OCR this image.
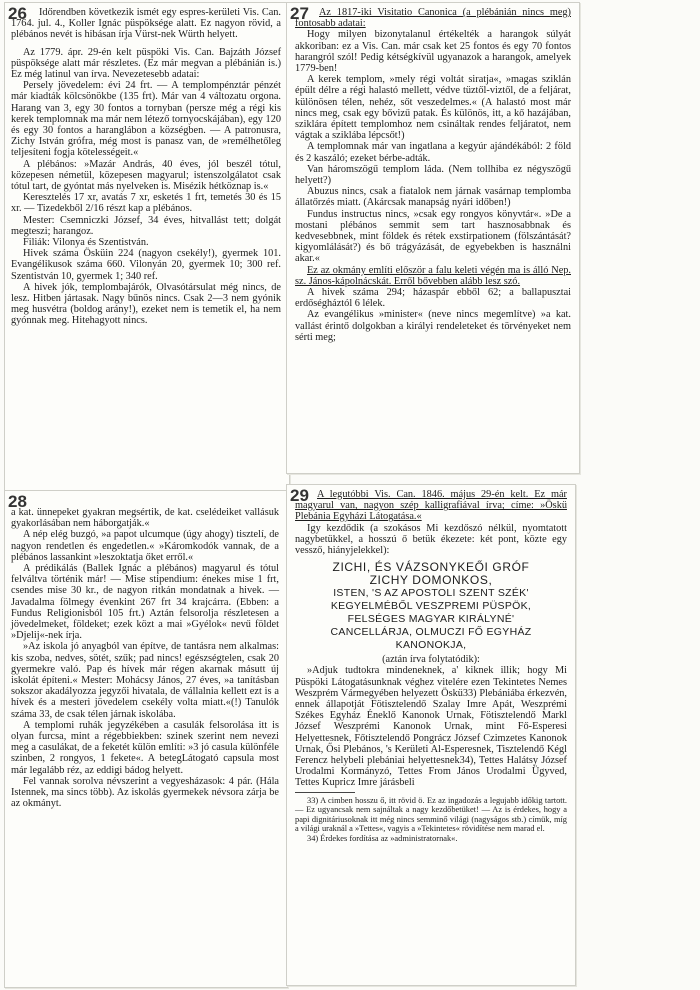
26	Időrendben következik ismét egy espres-kerületi Vis. Can. 1764. jul. 4., Koller Ignác püspöksége alatt. Ez nagyon rövid, a plébános nevét is hibásan írja Vürst-nek Würth helyett.

Az 1779. ápr. 29-én kelt püspöki Vis. Can. Bajzáth József püspöksége alatt már részletes. (Ez már megvan a plébánián is.) Ez még latinul van írva. Nevezetesebb adatai:

Persely jövedelem: évi 24 frt. — A templompénztár pénzét már kiadták kölcsönökbe (135 frt). Már van 4 változatu orgona. Harang van 3, egy 30 fontos a tornyban (persze még a régi kis kerek templomnak ma már nem létező tornyocskájában), egy 120 és egy 30 fontos a haranglábon a községben. — A patronusra, Zichy István grófra, még most is panasz van, de »remélhetőleg teljesíteni fogja kötelességeit.«

A plébános: »Mazár András, 40 éves, jól beszél tótul, közepesen németül, közepesen magyarul; istenszolgálatot csak tótul tart, de gyóntat más nyelveken is. Misézik hétköznap is.«

Keresztelés 17 xr, avatás 7 xr, esketés 1 frt, temetés 30 és 15 xr. — Tizedekből 2/16 részt kap a plébános.

Mester: Csemniczki József, 34 éves, hitvallást tett; dolgát megteszi; harangoz.

Filiák: Vilonya és Szentistván.

Hivek száma Ösküin 224 (nagyon csekély!), gyermek 101. Evangélikusok száma 660. Vilonyán 20, gyermek 10; 300 ref. Szentistván 10, gyermek 1; 340 ref.

A hivek jók, templombajárók, Olvasótársulat még nincs, de lesz. Hitben jártasak. Nagy bűnös nincs. Csak 2—3 nem gyónik meg husvétra (boldog arány!), ezeket nem is temetik el, ha nem gyónnak meg. Hitehagyott nincs.

27 Az 1817-iki Visitatio Canonica (a plébánián nincs meg) fontosabb adatai:

Hogy milyen bizonytalanul értékelték a harangok súlyát akkoriban: ez a Vis. Can. már csak ket 25 fontos és egy 70 fontos harangról szól! Pedig kétségkívül ugyanazok a harangok, amelyek 1779-ben!

A kerek templom, »mely régi voltát siratja«, »magas sziklán épült délre a régi halastó mellett, védve tüztől-viztől, de a feljárat, különösen télen, nehéz, sőt veszedelmes.« (A halastó most már nincs meg, csak egy bővizű patak. És különös, itt, a kő hazájában, sziklára épített templomhoz nem csináltak rendes feljáratot, nem vágtak a sziklába lépcsőt!)

A templomnak már van ingatlana a kegyúr ajándékából: 2 föld és 2 kaszáló; ezeket bérbe-adták.

Van háromszögű templom láda. (Nem tollhiba ez négyszögű helyett?)

Abuzus nincs, csak a fiatalok nem járnak vasárnap templomba állatőrzés miatt. (Akárcsak manapság nyári időben!)

Fundus instructus nincs, »csak egy rongyos könyvtár«. »De a mostani plébános semmit sem tart hasznosabbnak és kedvesebbnek, mint földek és rétek exstirpationem (fölszántását? kigyomlálását?) és bő trágyázását, de egyebekben is használni akar.«

Ez az okmány említi először a falu keleti végén ma is álló Nep. sz. János-kápolnácskát. Erről bővebben alább lesz szó.

A hivek száma 294; házaspár ebből 62; a ballapusztai erdőségháztól 6 lélek.

Az evangélikus »minister« (neve nincs megemlítve) »a kat. vallást érintő dolgokban a királyi rendeleteket és törvényeket nem sérti meg;

28

a kat. ünnepeket gyakran megsértik, de kat. cselédeiket vallásuk gyakorlásában nem háborgatják.«

A nép elég buzgó, »a papot ulcumque (úgy ahogy) tisztelí, de nagyon rendetlen és engedetlen.« »Káromkodók vannak, de a plébános lassankint »leszoktatja őket erről.«

A prédikálás (Ballek Ignác a plébános) magyarul és tótul felváltva történik már! — Mise stipendium: énekes mise 1 frt, csendes mise 30 kr., de nagyon ritkán mondatnak a hivek. — Javadalma fölmegy évenkint 267 frt 34 krajcárra. (Ebben: a Fundus Religionisból 105 frt.) Aztán felsorolja részletesen a jövedelmeket, földeket; ezek közt a mai »Gyélok« nevű földet »Djelij«-nek írja.

»Az iskola jó anyagból van építve, de tantásra nem alkalmas: kis szoba, nedves, sötét, szűk; pad nincs! egészségtelen, csak 20 gyermekre való. Pap és hívek már régen akarnak másutt új iskolát építeni.« Mester: Mohácsy János, 27 éves, »a tanításban sokszor akadályozza jegyzői hivatala, de vállalnia kellett ezt is a hívek és a mesteri jövedelem csekély volta miatt.«(!) Tanulók száma 33, de csak télen járnak iskolába.

A templomi ruhák jegyzékében a casulák felsorolása itt is olyan furcsa, mint a régebbiekben: szinek szerint nem nevezi meg a casulákat, de a feketét külön említi: »3 jó casula különféle szinben, 2 rongyos, 1 fekete«. A betegLátogató capsula most már legalább réz, az eddigi bádog helyett.

Fel vannak sorolva névszerint a vegyesházasok: 4 pár. (Hála Istennek, ma sincs több). Az iskolás gyermekek névsora zárja be az okmányt.

29 A legutóbbi Vis. Can. 1846. május 29-én kelt. Ez már magyarul van, nagyon szép kalligrafiával írva; címe: »Öskü Plebánia Egyházi Látogatása.«

Igy kezdődik (a szokásos Mi kezdőszó nélkül, nyomtatott nagybetükkel, a hosszú ő betük ékezete: két pont, közte egy vessző, hiányjelekkel):

ZICHI, ÉS VÁZSONYKEŐI GRÓF
ZICHY DOMONKOS,
ISTEN, 'S AZ APOSTOLI SZENT SZÉK'
KEGYELMÉBŐL VESZPREMI PÜSPÖK,
FELSÉGES MAGYAR KIRÁLYNÉ'
CANCELLÁRJA, OLMUCZI FŐ EGYHÁZ
KANONOKJA,

(aztán írva folytatódik):

»Adjuk tudtokra mindeneknek, a' kiknek illik; hogy Mi Püspöki Látogatásunknak véghez vitelére ezen Tekintetes Nemes Weszprém Vármegyében helyezett Öskü33) Plebániába érkezvén, ennek állapotját Fötisztelendő Szalay Imre Apát, Weszprémi Székes Egyház Éneklő Kanonok Urnak, Fötisztelendő Markl József Weszprémi Kanonok Urnak, mint Fő-Esperesi Helyettesnek, Főtisztelendő Pongrácz József Czimzetes Kanonok Urnak, Ősi Plebános, 's Kerületi Al-Esperesnek, Tisztelendő Kégl Ferencz helybeli plebániai helyettesnek34), Tettes Halátsy József Urodalmi Kormányzó, Tettes From János Urodalmi Ügyved, Tettes Kupricz Imre járásbeli

33) A cimben hosszu ő, itt rövid ö. Ez az ingadozás a legujabb időkig tartott. — Ez ugyancsak nem sajnáltak a nagy kezdőbetüket! — Az is érdekes, hogy a papi dignitáriusoknak itt még nincs semminő világi (nagyságos stb.) címük, míg a világi uraknál a »Tettes«, vagyis a »Tekintetes« rövidítése nem marad el.

34) Érdekes fordítása az »administratornak«.
